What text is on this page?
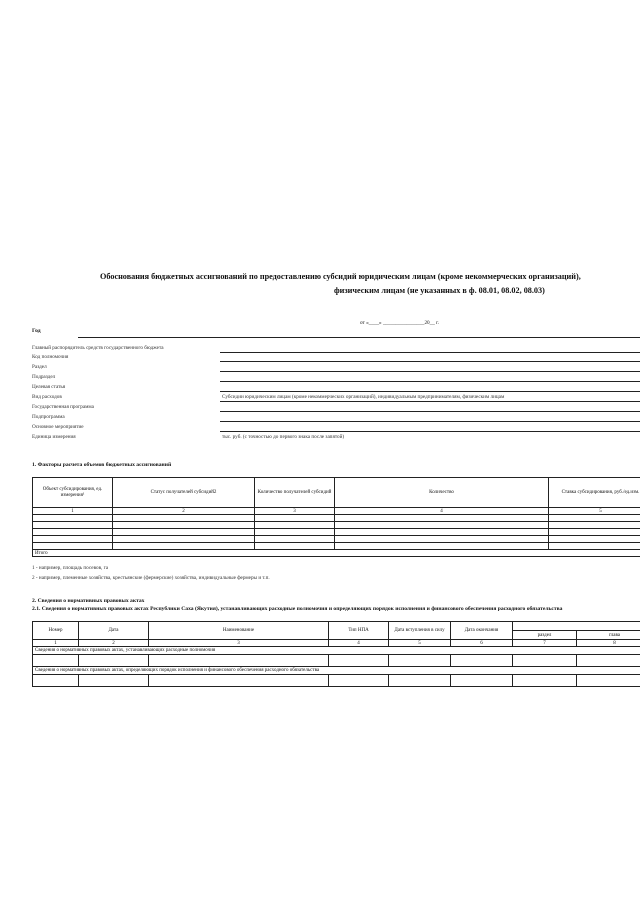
Обоснования бюджетных ассигнований по предоставлению субсидий юридическим лицам (кроме некоммерческих организаций),
физическим лицам (не указанных в ф. 08.01, 08.02, 08.03)
от «____» ________________20__ г.
Год
Главный распорядитель средств государственного бюджета
Код полномочия
Раздел
Подраздел
Целевая статья
Вид расходов	Субсидии юридическим лицам (кроме некоммерческих организаций), индивидуальным предпринимателям, физическим лицам
Государственная программа
Подпрограмма
Основное мероприятие
Единица измерения	тыс. руб. (с точностью до первого знака после запятой)
1. Факторы расчета объемов бюджетных ассигнований
Объект субсидирования, ед. измерения¹	Статус получателей субсидий2	Количество получателей субсидий	Количество	Ставка субсидирования, руб./ед.изм.
1	2	3	4	5

Итого				
1 - например, площадь посевов, га
2 - например, племенные хозяйства, крестьянские (фермерские) хозяйства, индивидуальные фермеры и т.п.
2. Сведения о нормативных правовых актах
2.1. Сведения о нормативных правовых актах Республики Саха (Якутия), устанавливающих расходные полномочия и определяющих порядок исполнения и финансового обеспечения расходного обязательства
Номер	Дата	Наименование	Тип НПА	Дата вступления в силу	Дата окончания		
						раздел	глава
1	2	3	4	5	6	7	8
Сведения о нормативных правовых актах, устанавливающих расходные полномочия							

Сведения о нормативных правовых актах, определяющих порядок исполнения и финансового обеспечения расходного обязательства							
